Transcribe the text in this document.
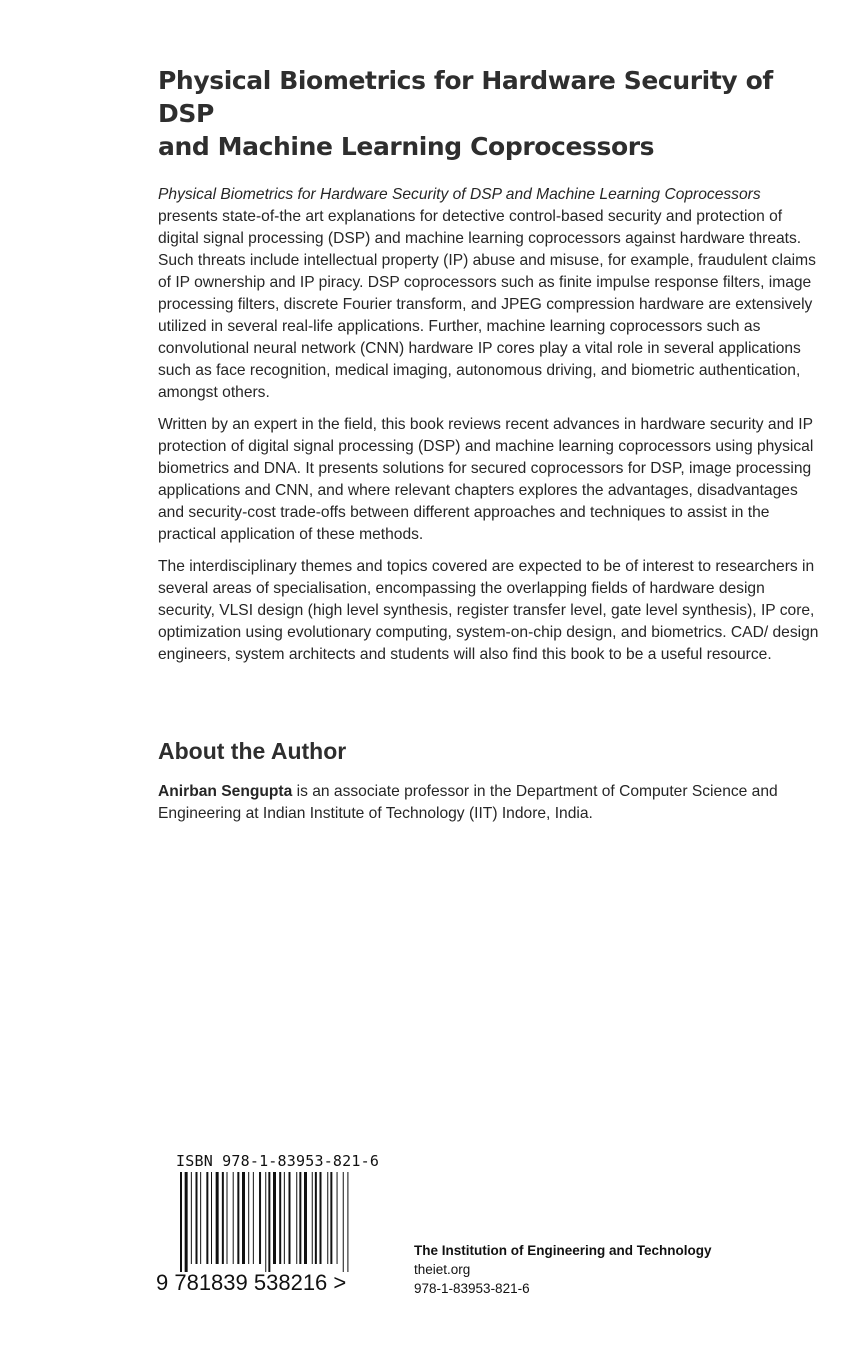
Physical Biometrics for Hardware Security of DSP
and Machine Learning Coprocessors

Physical Biometrics for Hardware Security of DSP and Machine Learning Coprocessors presents state-of-the art explanations for detective control-based security and protection of digital signal processing (DSP) and machine learning coprocessors against hardware threats. Such threats include intellectual property (IP) abuse and misuse, for example, fraudulent claims of IP ownership and IP piracy. DSP coprocessors such as finite impulse response filters, image processing filters, discrete Fourier transform, and JPEG compression hardware are extensively utilized in several real-life applications. Further, machine learning coprocessors such as convolutional neural network (CNN) hardware IP cores play a vital role in several applications such as face recognition, medical imaging, autonomous driving, and biometric authentication, amongst others.

Written by an expert in the field, this book reviews recent advances in hardware security and IP protection of digital signal processing (DSP) and machine learning coprocessors using physical biometrics and DNA. It presents solutions for secured coprocessors for DSP, image processing applications and CNN, and where relevant chapters explores the advantages, disadvantages and security-cost trade-offs between different approaches and techniques to assist in the practical application of these methods.

The interdisciplinary themes and topics covered are expected to be of interest to researchers in several areas of specialisation, encompassing the overlapping fields of hardware design security, VLSI design (high level synthesis, register transfer level, gate level synthesis), IP core, optimization using evolutionary computing, system-on-chip design, and biometrics. CAD/ design engineers, system architects and students will also find this book to be a useful resource.

About the Author

Anirban Sengupta is an associate professor in the Department of Computer Science and Engineering at Indian Institute of Technology (IIT) Indore, India.

ISBN 978-1-83953-821-6
9 781839 538216 >
The Institution of Engineering and Technology
theiet.org
978-1-83953-821-6
